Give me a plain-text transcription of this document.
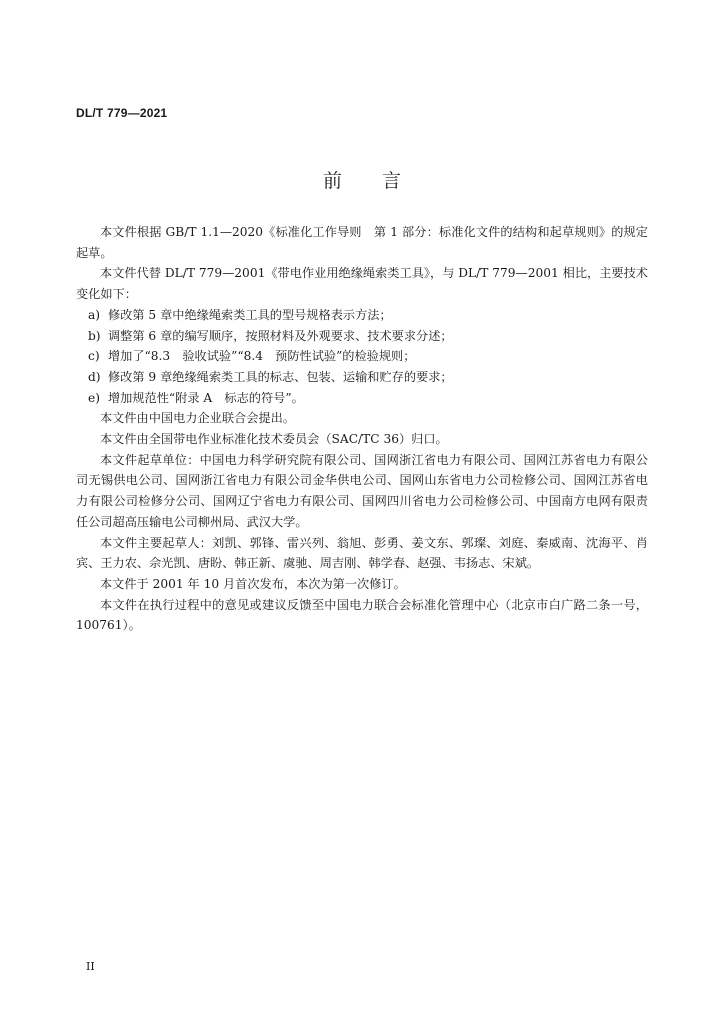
DL/T 779—2021
前言

本文件根据 GB/T 1.1—2020《标准化工作导则　第 1 部分：标准化文件的结构和起草规则》的规定起草。

本文件代替 DL/T 779—2001《带电作业用绝缘绳索类工具》，与 DL/T 779—2001 相比，主要技术变化如下：

a) 修改第 5 章中绝缘绳索类工具的型号规格表示方法；

b) 调整第 6 章的编写顺序，按照材料及外观要求、技术要求分述；

c) 增加了“8.3　验收试验”“8.4　预防性试验”的检验规则；

d) 修改第 9 章绝缘绳索类工具的标志、包装、运输和贮存的要求；

e) 增加规范性“附录 A　标志的符号”。

本文件由中国电力企业联合会提出。

本文件由全国带电作业标准化技术委员会（SAC/TC 36）归口。

本文件起草单位：中国电力科学研究院有限公司、国网浙江省电力有限公司、国网江苏省电力有限公司无锡供电公司、国网浙江省电力有限公司金华供电公司、国网山东省电力公司检修公司、国网江苏省电力有限公司检修分公司、国网辽宁省电力有限公司、国网四川省电力公司检修公司、中国南方电网有限责任公司超高压输电公司柳州局、武汉大学。

本文件主要起草人：刘凯、郭锋、雷兴列、翁旭、彭勇、姜文东、郭璨、刘庭、秦威南、沈海平、肖宾、王力农、佘光凯、唐盼、韩正新、虞驰、周吉刚、韩学春、赵强、韦扬志、宋斌。

本文件于 2001 年 10 月首次发布，本次为第一次修订。

本文件在执行过程中的意见或建议反馈至中国电力联合会标准化管理中心（北京市白广路二条一号，100761）。

II
